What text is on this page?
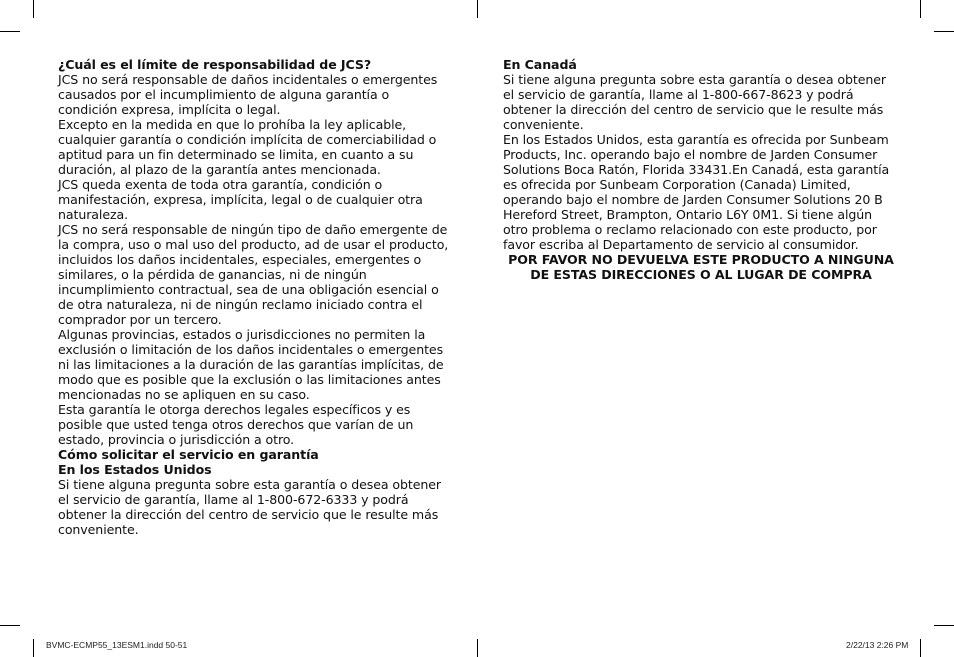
¿Cuál es el límite de responsabilidad de JCS?

JCS no será responsable de daños incidentales o emergentes causados por el incumplimiento de alguna garantía o condición expresa, implícita o legal.

Excepto en la medida en que lo prohíba la ley aplicable, cualquier garantía o condición implícita de comerciabilidad o aptitud para un fin determinado se limita, en cuanto a su duración, al plazo de la garantía antes mencionada.

JCS queda exenta de toda otra garantía, condición o manifestación, expresa, implícita, legal o de cualquier otra naturaleza.

JCS no será responsable de ningún tipo de daño emergente de la compra, uso o mal uso del producto, ad de usar el producto, incluidos los daños incidentales, especiales, emergentes o similares, o la pérdida de ganancias, ni de ningún incumplimiento contractual, sea de una obligación esencial o de otra naturaleza, ni de ningún reclamo iniciado contra el comprador por un tercero.

Algunas provincias, estados o jurisdicciones no permiten la exclusión o limitación de los daños incidentales o emergentes ni las limitaciones a la duración de las garantías implícitas, de modo que es posible que la exclusión o las limitaciones antes mencionadas no se apliquen en su caso.

Esta garantía le otorga derechos legales específicos y es posible que usted tenga otros derechos que varían de un estado, provincia o jurisdicción a otro.

Cómo solicitar el servicio en garantía

En los Estados Unidos

Si tiene alguna pregunta sobre esta garantía o desea obtener el servicio de garantía, llame al 1-800-672-6333 y podrá obtener la dirección del centro de servicio que le resulte más conveniente.

En Canadá

Si tiene alguna pregunta sobre esta garantía o desea obtener el servicio de garantía, llame al 1-800-667-8623 y podrá obtener la dirección del centro de servicio que le resulte más conveniente.

En los Estados Unidos, esta garantía es ofrecida por Sunbeam Products, Inc. operando bajo el nombre de Jarden Consumer Solutions Boca Ratón, Florida 33431.En Canadá, esta garantía es ofrecida por Sunbeam Corporation (Canada) Limited, operando bajo el nombre de Jarden Consumer Solutions 20 B Hereford Street, Brampton, Ontario L6Y 0M1. Si tiene algún otro problema o reclamo relacionado con este producto, por favor escriba al Departamento de servicio al consumidor.

POR FAVOR NO DEVUELVA ESTE PRODUCTO A NINGUNA

DE ESTAS DIRECCIONES O AL LUGAR DE COMPRA

BVMC-ECMP55_13ESM1.indd 50-51	2/22/13 2:26 PM
